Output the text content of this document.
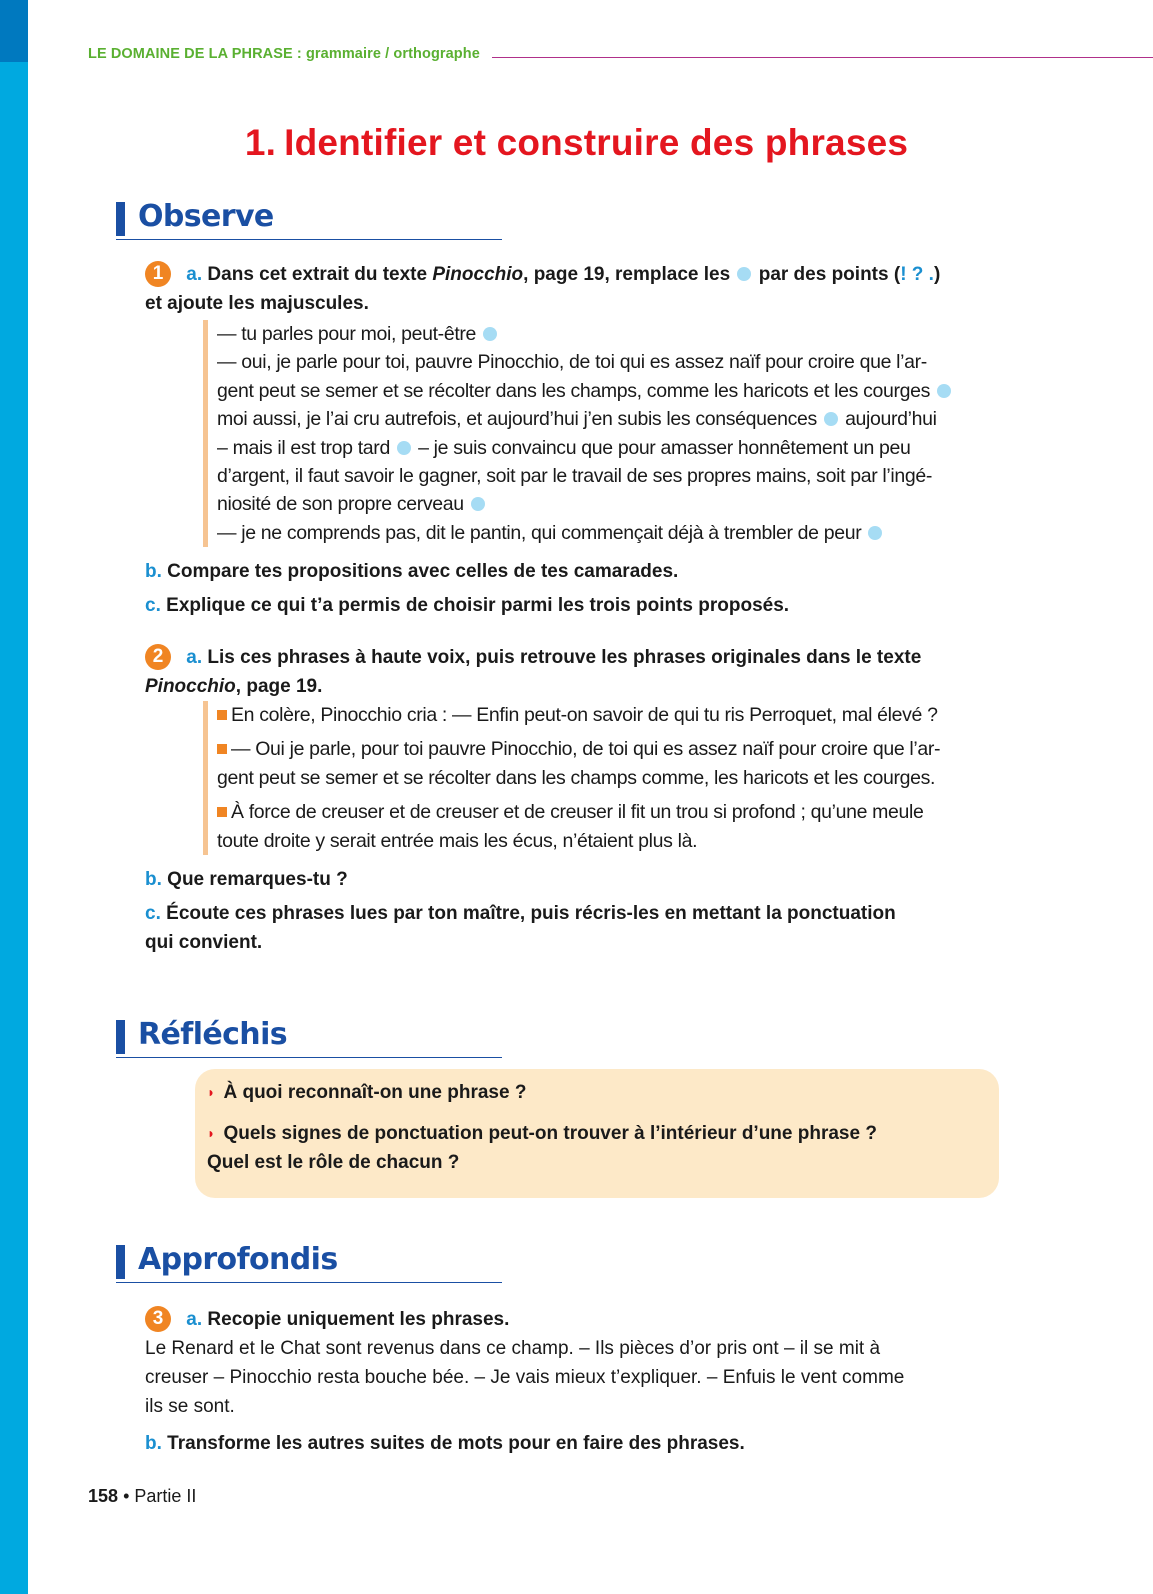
LE DOMAINE DE LA PHRASE : grammaire / orthographe
1. Identifier et construire des phrases
Observe
1 a. Dans cet extrait du texte Pinocchio, page 19, remplace les  par des points (! ? .)
et ajoute les majuscules.
— tu parles pour moi, peut-être
— oui, je parle pour toi, pauvre Pinocchio, de toi qui es assez naïf pour croire que l’ar-
gent peut se semer et se récolter dans les champs, comme les haricots et les courges
moi aussi, je l’ai cru autrefois, et aujourd’hui j’en subis les conséquences aujourd’hui
– mais il est trop tard – je suis convaincu que pour amasser honnêtement un peu
d’argent, il faut savoir le gagner, soit par le travail de ses propres mains, soit par l’ingé-
niosité de son propre cerveau
— je ne comprends pas, dit le pantin, qui commençait déjà à trembler de peur
b. Compare tes propositions avec celles de tes camarades.
c. Explique ce qui t’a permis de choisir parmi les trois points proposés.
2 a. Lis ces phrases à haute voix, puis retrouve les phrases originales dans le texte
Pinocchio, page 19.
En colère, Pinocchio cria : — Enfin peut-on savoir de qui tu ris Perroquet, mal élevé ?
— Oui je parle, pour toi pauvre Pinocchio, de toi qui es assez naïf pour croire que l’ar-
gent peut se semer et se récolter dans les champs comme, les haricots et les courges.
À force de creuser et de creuser et de creuser il fit un trou si profond ; qu’une meule
toute droite y serait entrée mais les écus, n’étaient plus là.
b. Que remarques-tu ?
c. Écoute ces phrases lues par ton maître, puis récris-les en mettant la ponctuation
qui convient.
Réfléchis
◗ À quoi reconnaît-on une phrase ?
◗ Quels signes de ponctuation peut-on trouver à l’intérieur d’une phrase ?
Quel est le rôle de chacun ?
Approfondis
3 a. Recopie uniquement les phrases.
Le Renard et le Chat sont revenus dans ce champ. – Ils pièces d’or pris ont – il se mit à
creuser – Pinocchio resta bouche bée. – Je vais mieux t’expliquer. – Enfuis le vent comme
ils se sont.
b. Transforme les autres suites de mots pour en faire des phrases.
158 • Partie II
